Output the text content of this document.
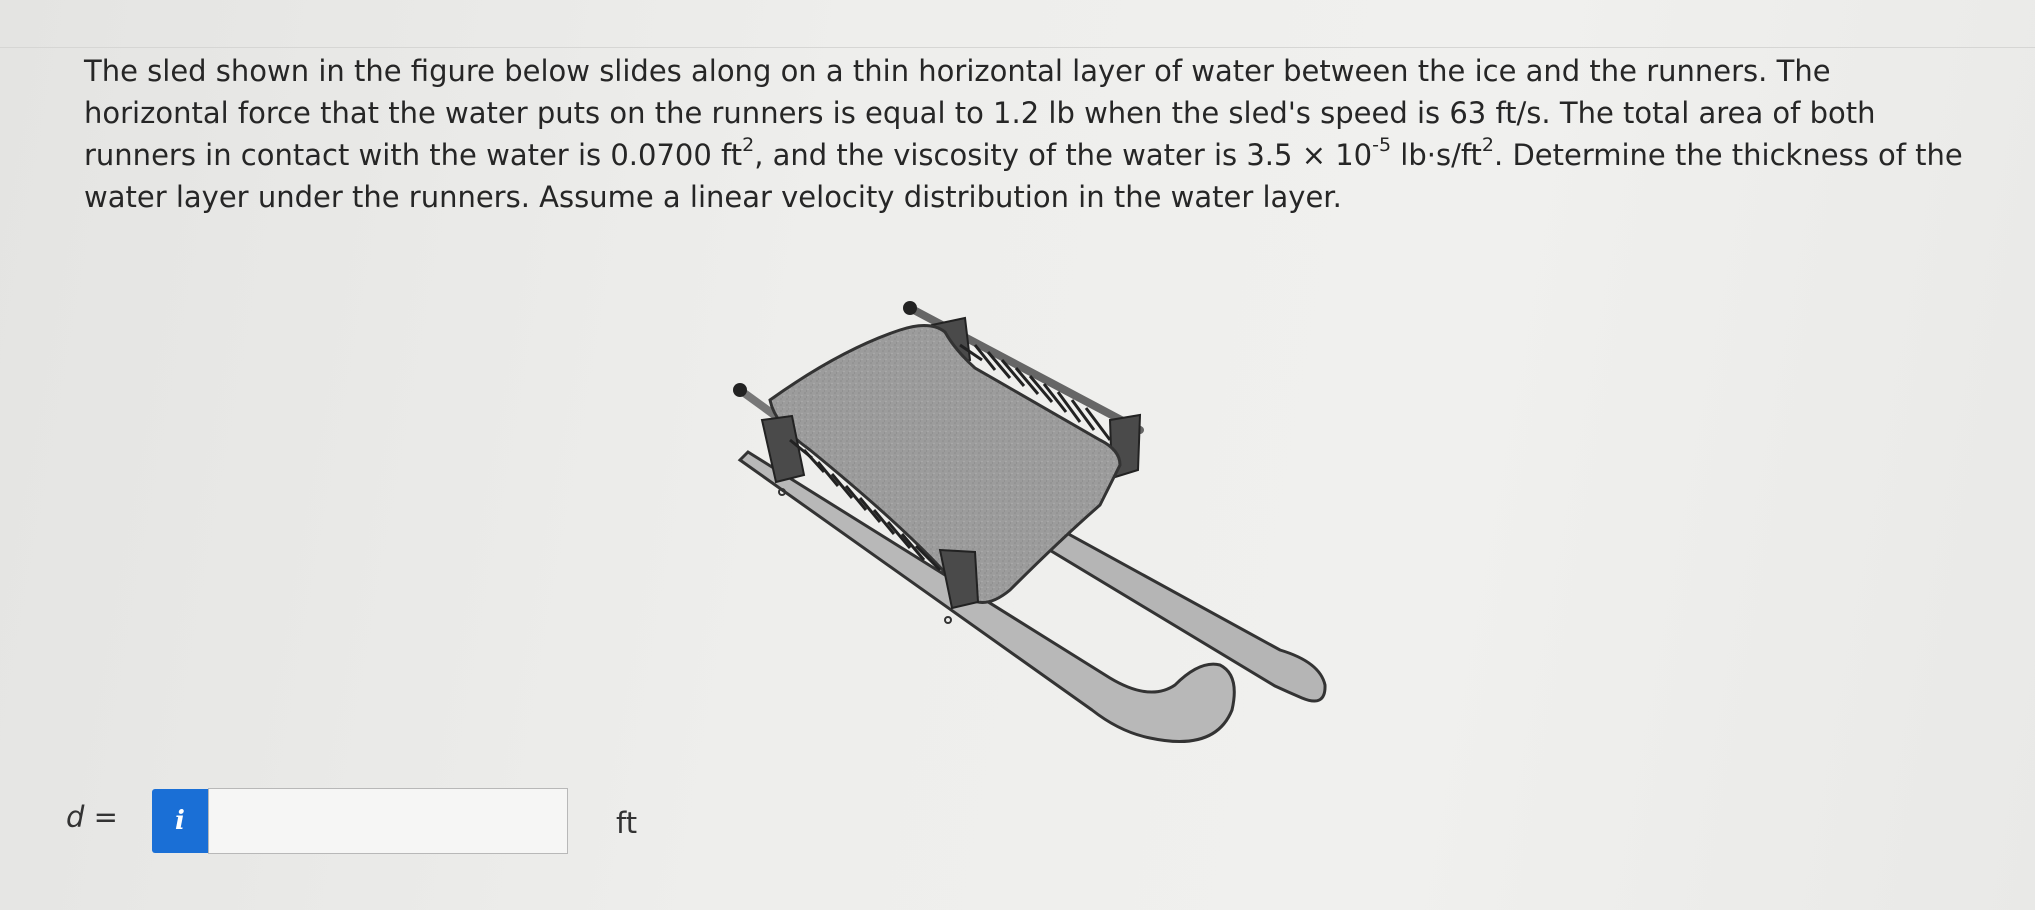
The sled shown in the figure below slides along on a thin horizontal layer of water between the ice and the runners. The horizontal force that the water puts on the runners is equal to 1.2 lb when the sled's speed is 63 ft/s. The total area of both runners in contact with the water is 0.0700 $ft^2$, and the viscosity of the water is $3.5 \times 10^{-5}$ $lb\cdot s/ft^2$. Determine the thickness of the water layer under the runners. Assume a linear velocity distribution in the water layer.

d = i	ft
